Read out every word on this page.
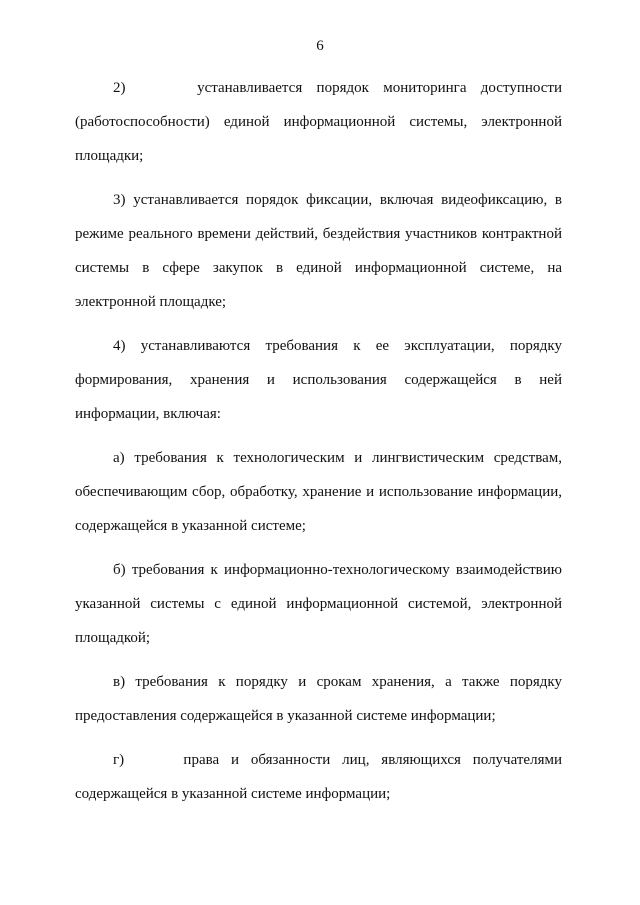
6

2)     устанавливается порядок мониторинга доступности (работоспособности) единой информационной системы, электронной площадки;

3) устанавливается порядок фиксации, включая видеофиксацию, в режиме реального времени действий, бездействия участников контрактной системы в сфере закупок в единой информационной системе, на электронной площадке;

4) устанавливаются требования к ее эксплуатации, порядку формирования, хранения и использования содержащейся в ней информации, включая:

а) требования к технологическим и лингвистическим средствам, обеспечивающим сбор, обработку, хранение и использование информации, содержащейся в указанной системе;

б) требования к информационно-технологическому взаимодействию указанной системы с единой информационной системой, электронной площадкой;

в) требования к порядку и срокам хранения, а также порядку предоставления содержащейся в указанной системе информации;

г)     права и обязанности лиц, являющихся получателями содержащейся в указанной системе информации;
